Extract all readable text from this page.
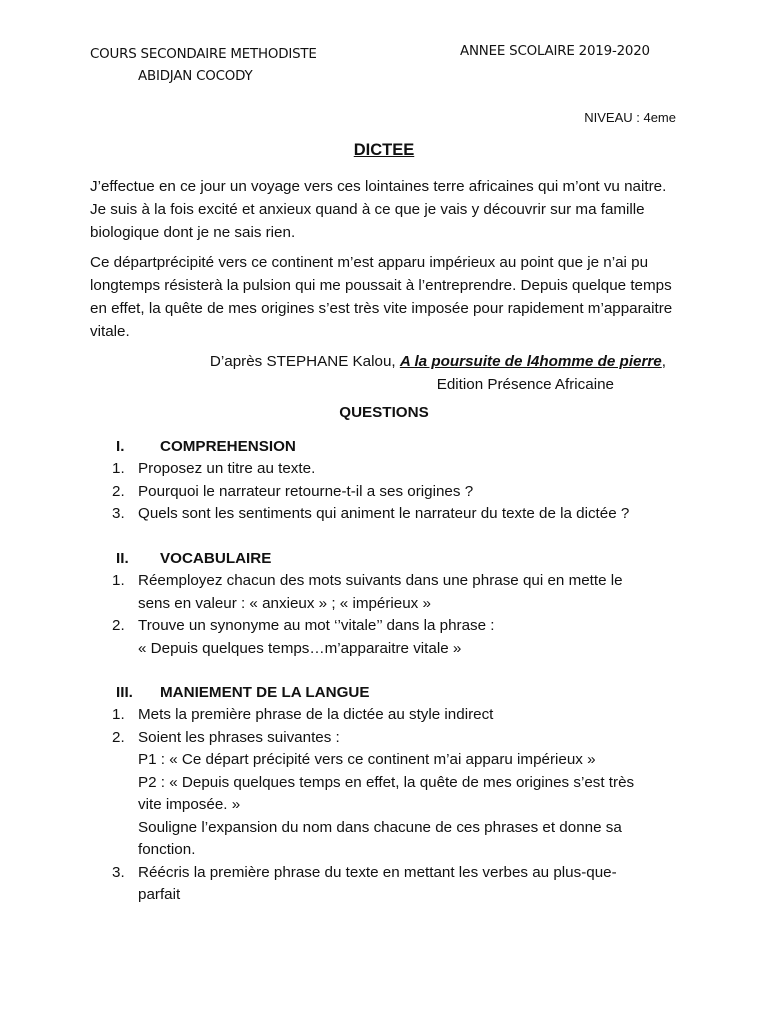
COURS SECONDAIRE METHODISTE
ABIDJAN COCODY
ANNEE SCOLAIRE 2019-2020
NIVEAU : 4eme
DICTEE
J’effectue en ce jour un voyage vers ces lointaines terre africaines qui m’ont vu naitre. Je suis à la fois excité et anxieux quand à ce que je vais y découvrir sur ma famille biologique dont je ne sais rien.
Ce départprécipité vers ce continent m’est apparu impérieux au point que je n’ai pu longtemps résisterà la pulsion qui me poussait à l’entreprendre. Depuis quelque temps en effet, la quête de mes origines s’est très vite imposée pour rapidement m’apparaitre vitale.
D’après STEPHANE Kalou, A la poursuite de l4homme de pierre,
Edition Présence Africaine
QUESTIONS
I. COMPREHENSION
1. Proposez un titre au texte.
2. Pourquoi le narrateur retourne-t-il a ses origines ?
3. Quels sont les sentiments qui animent le narrateur du texte de la dictée ?
II. VOCABULAIRE
1. Réemployez chacun des mots suivants dans une phrase qui en mette le
sens en valeur : « anxieux » ; « impérieux »
2. Trouve un synonyme au mot ‘’vitale’’ dans la phrase :
« Depuis quelques temps…m’apparaitre vitale »
III. MANIEMENT DE LA LANGUE
1. Mets la première phrase de la dictée au style indirect
2. Soient les phrases suivantes :
P1 : « Ce départ précipité vers ce continent m’ai apparu impérieux »
P2 : « Depuis quelques temps en effet, la quête de mes origines s’est très
vite imposée. »
Souligne l’expansion du nom dans chacune de ces phrases et donne sa
fonction.
3. Réécris la première phrase du texte en mettant les verbes au plus-que-
parfait
